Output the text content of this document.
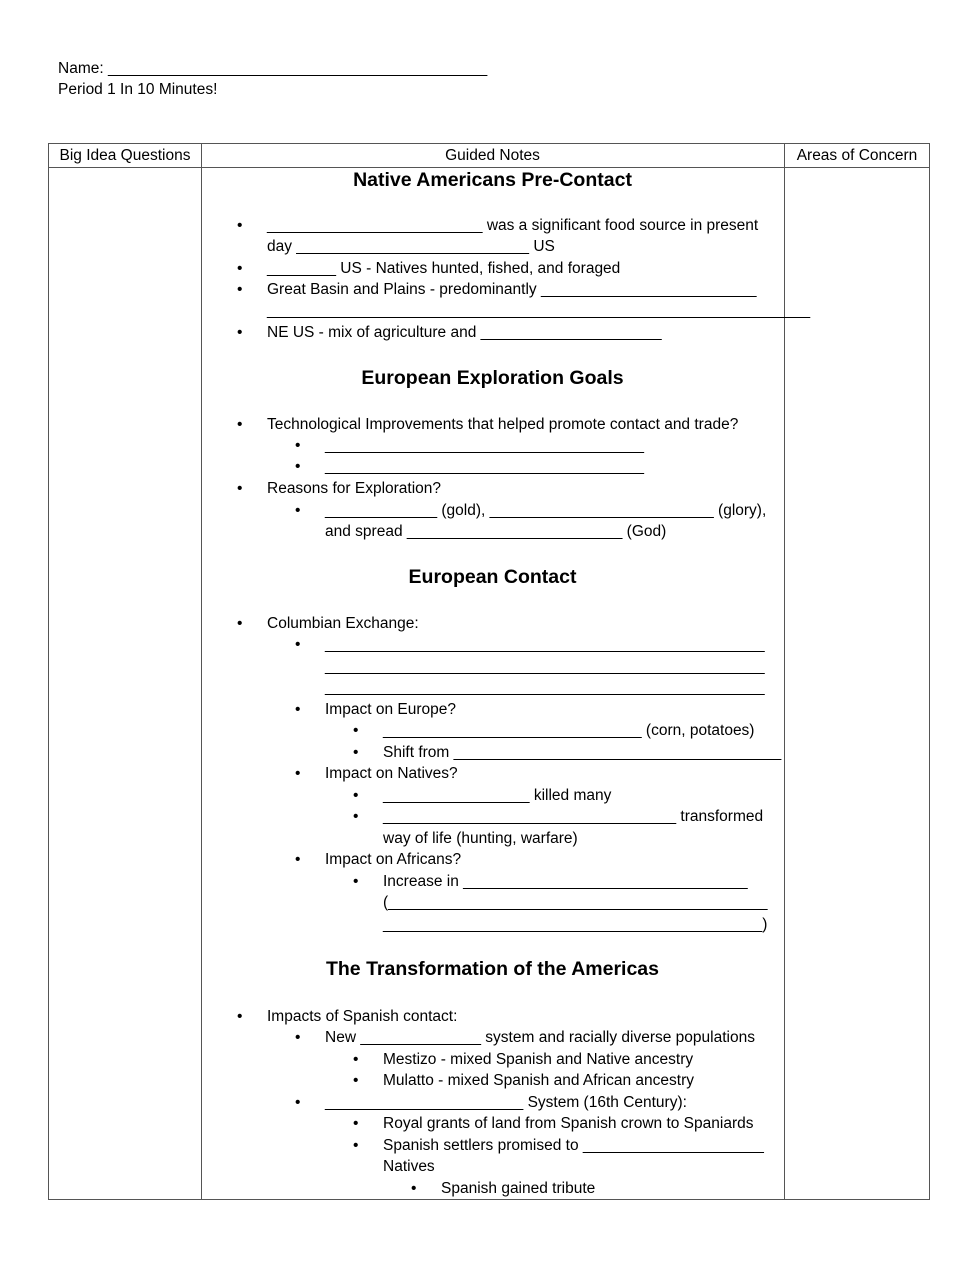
Name: ____________________________________________
Period 1 In 10 Minutes!
Big Idea Questions	Guided Notes	Areas of Concern
Native Americans Pre-Contact
• _________________________ was a significant food source in present
day ___________________________ US
• ________ US - Natives hunted, fished, and foraged
• Great Basin and Plains - predominantly _________________________
_______________________________________________________________
• NE US - mix of agriculture and _____________________
European Exploration Goals
• Technological Improvements that helped promote contact and trade?
• _____________________________________
• _____________________________________
• Reasons for Exploration?
• _____________ (gold), __________________________ (glory),
and spread _________________________ (God)
European Contact
• Columbian Exchange:
• ___________________________________________________
___________________________________________________
___________________________________________________
• Impact on Europe?
• ______________________________ (corn, potatoes)
• Shift from ______________________________________
• Impact on Natives?
• _________________ killed many
• __________________________________ transformed
way of life (hunting, warfare)
• Impact on Africans?
• Increase in _________________________________
(____________________________________________
____________________________________________)
The Transformation of the Americas
• Impacts of Spanish contact:
• New ______________ system and racially diverse populations
• Mestizo - mixed Spanish and Native ancestry
• Mulatto - mixed Spanish and African ancestry
• _______________________ System (16th Century):
• Royal grants of land from Spanish crown to Spaniards
• Spanish settlers promised to _____________________
Natives
• Spanish gained tribute
